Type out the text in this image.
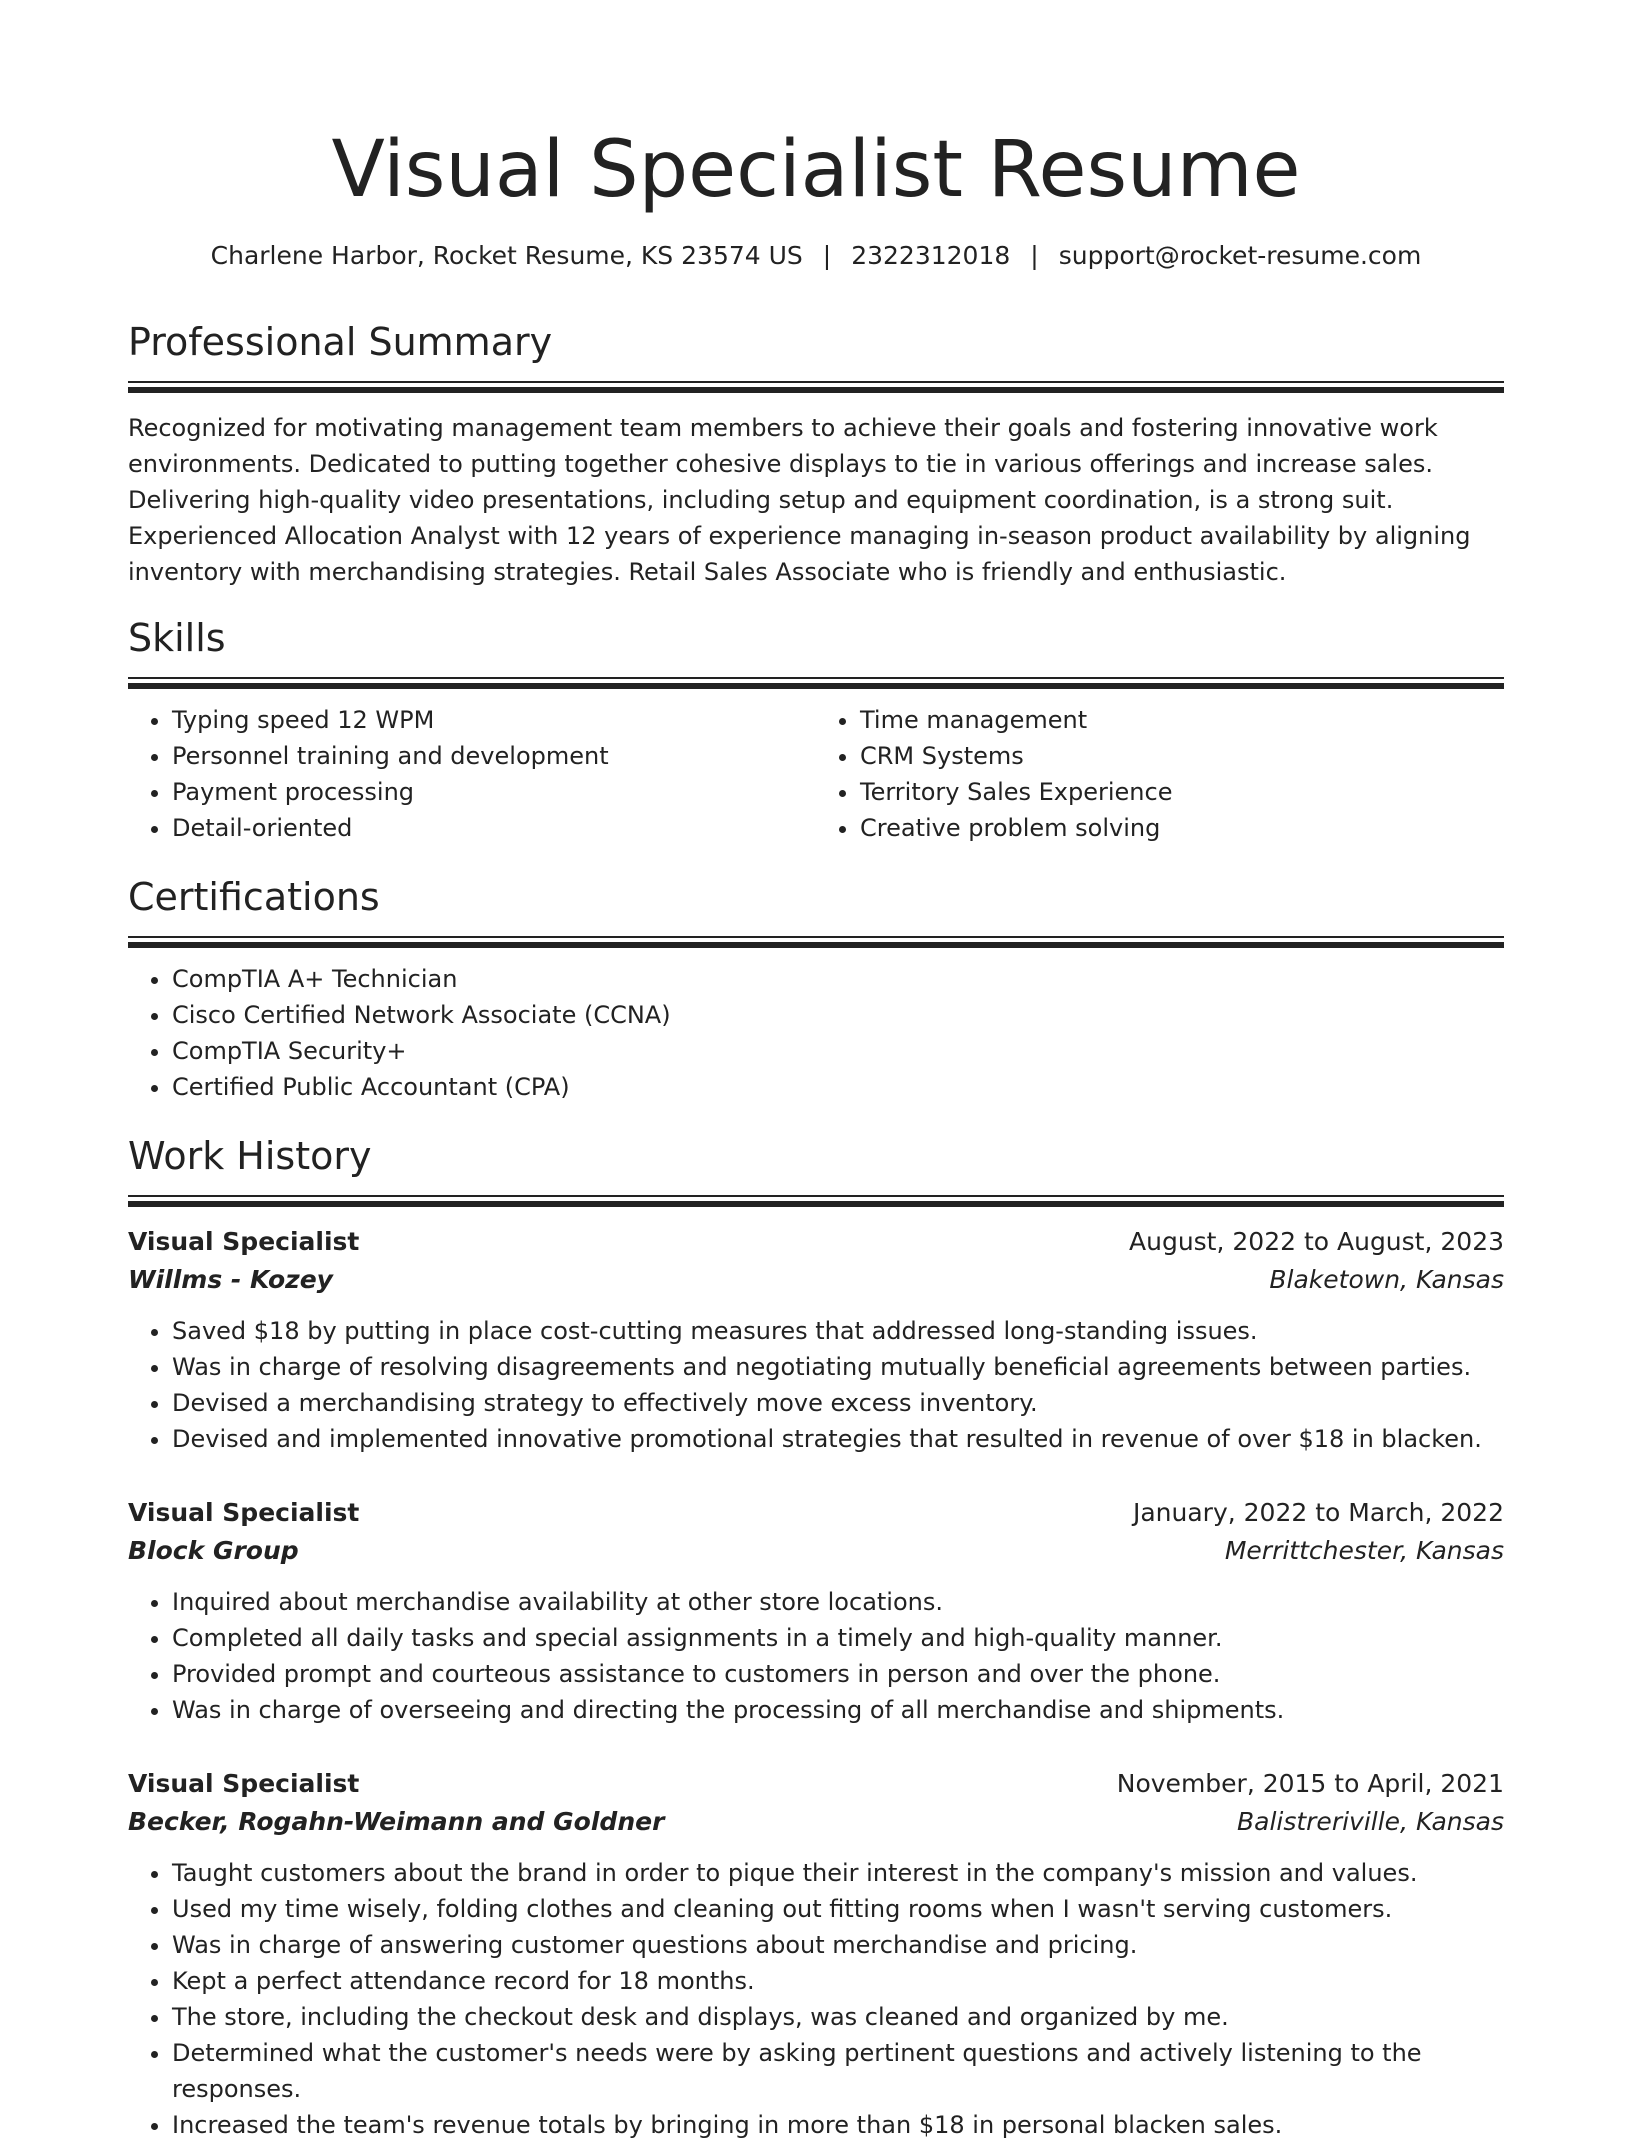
Visual Specialist Resume
Charlene Harbor, Rocket Resume, KS 23574 US | 2322312018 | support@rocket-resume.com
Professional Summary

Recognized for motivating management team members to achieve their goals and fostering innovative work environments. Dedicated to putting together cohesive displays to tie in various offerings and increase sales. Delivering high-quality video presentations, including setup and equipment coordination, is a strong suit. Experienced Allocation Analyst with 12 years of experience managing in-season product availability by aligning inventory with merchandising strategies. Retail Sales Associate who is friendly and enthusiastic.

Skills
• Typing speed 12 WPM
• Personnel training and development
• Payment processing
• Detail-oriented
• Time management
• CRM Systems
• Territory Sales Experience
• Creative problem solving
Certifications
• CompTIA A+ Technician
• Cisco Certified Network Associate (CCNA)
• CompTIA Security+
• Certified Public Accountant (CPA)
Work History
Visual Specialist	August, 2022 to August, 2023
Willms - Kozey	Blaketown, Kansas
• Saved $18 by putting in place cost-cutting measures that addressed long-standing issues.
• Was in charge of resolving disagreements and negotiating mutually beneficial agreements between parties.
• Devised a merchandising strategy to effectively move excess inventory.
• Devised and implemented innovative promotional strategies that resulted in revenue of over $18 in blacken.
Visual Specialist	January, 2022 to March, 2022
Block Group	Merrittchester, Kansas
• Inquired about merchandise availability at other store locations.
• Completed all daily tasks and special assignments in a timely and high-quality manner.
• Provided prompt and courteous assistance to customers in person and over the phone.
• Was in charge of overseeing and directing the processing of all merchandise and shipments.
Visual Specialist	November, 2015 to April, 2021
Becker, Rogahn-Weimann and Goldner	Balistreriville, Kansas
• Taught customers about the brand in order to pique their interest in the company's mission and values.
• Used my time wisely, folding clothes and cleaning out fitting rooms when I wasn't serving customers.
• Was in charge of answering customer questions about merchandise and pricing.
• Kept a perfect attendance record for 18 months.
• The store, including the checkout desk and displays, was cleaned and organized by me.
• Determined what the customer's needs were by asking pertinent questions and actively listening to the responses.
• Increased the team's revenue totals by bringing in more than $18 in personal blacken sales.
